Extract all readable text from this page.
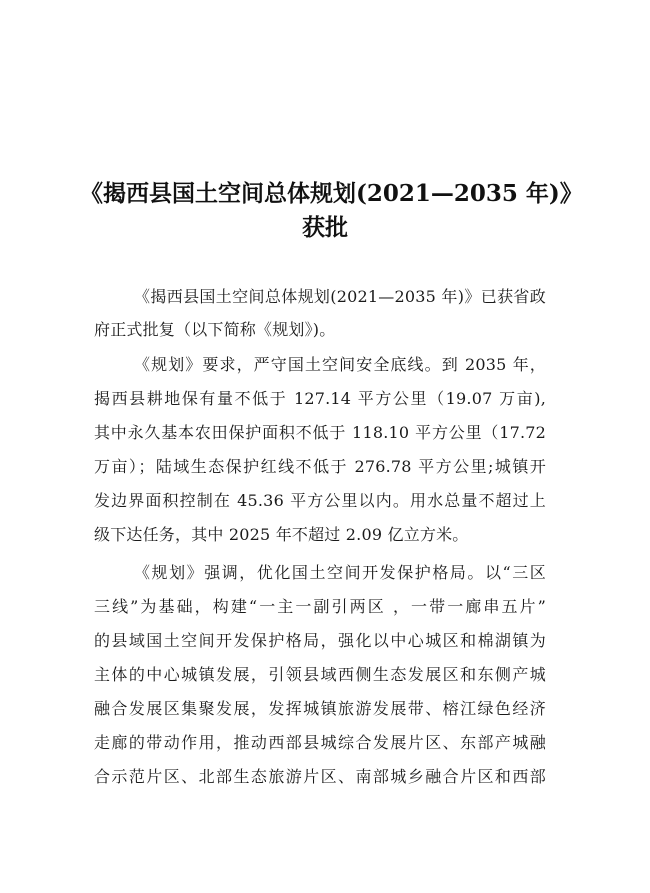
《揭西县国土空间总体规划(2021—2035 年)》
获批
《揭西县国土空间总体规划(2021—2035 年)》已获省政
府正式批复（以下简称《规划》)。
《规划》要求，严守国土空间安全底线。到 2035 年，
揭西县耕地保有量不低于 127.14 平方公里（19.07 万亩),
其中永久基本农田保护面积不低于 118.10 平方公里（17.72
万亩）；陆域生态保护红线不低于 276.78 平方公里;城镇开
发边界面积控制在 45.36 平方公里以内。用水总量不超过上
级下达任务，其中 2025 年不超过 2.09 亿立方米。
《规划》强调，优化国土空间开发保护格局。以“三区
三线”为基础，构建“一主一副引两区 ，一带一廊串五片”
的县域国土空间开发保护格局，强化以中心城区和棉湖镇为
主体的中心城镇发展，引领县域西侧生态发展区和东侧产城
融合发展区集聚发展，发挥城镇旅游发展带、榕江绿色经济
走廊的带动作用，推动西部县城综合发展片区、东部产城融
合示范片区、北部生态旅游片区、南部城乡融合片区和西部
